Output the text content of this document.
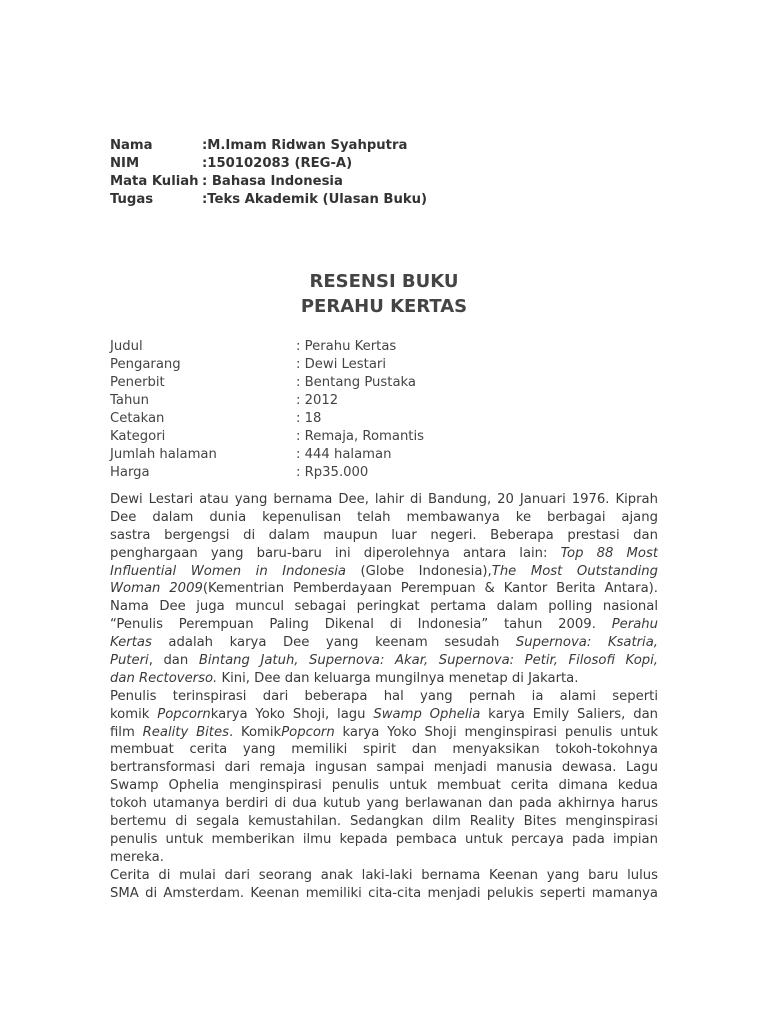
Nama	:M.Imam Ridwan Syahputra
NIM	:150102083 (REG-A)
Mata Kuliah : Bahasa Indonesia
Tugas	:Teks Akademik (Ulasan Buku)
RESENSI BUKU
PERAHU KERTAS
Judul	: Perahu Kertas
Pengarang	: Dewi Lestari
Penerbit	: Bentang Pustaka
Tahun	: 2012
Cetakan	: 18
Kategori	: Remaja, Romantis
Jumlah halaman	: 444 halaman
Harga	: Rp35.000
Dewi Lestari atau yang bernama Dee, lahir di Bandung, 20 Januari 1976. Kiprah
Dee dalam dunia kepenulisan telah membawanya ke berbagai ajang
sastra bergengsi di dalam maupun luar negeri. Beberapa prestasi dan
penghargaan yang baru-baru ini diperolehnya antara lain: Top 88 Most
Influential Women in Indonesia (Globe Indonesia),The Most Outstanding
Woman 2009(Kementrian Pemberdayaan Perempuan & Kantor Berita Antara).
Nama Dee juga muncul sebagai peringkat pertama dalam polling nasional
“Penulis Perempuan Paling Dikenal di Indonesia” tahun 2009. Perahu
Kertas adalah karya Dee yang keenam sesudah Supernova: Ksatria,
Puteri, dan Bintang Jatuh, Supernova: Akar, Supernova: Petir, Filosofi Kopi,
dan Rectoverso. Kini, Dee dan keluarga mungilnya menetap di Jakarta.
Penulis terinspirasi dari beberapa hal yang pernah ia alami seperti
komik Popcornkarya Yoko Shoji, lagu Swamp Ophelia karya Emily Saliers, dan
film Reality Bites. KomikPopcorn karya Yoko Shoji menginspirasi penulis untuk
membuat cerita yang memiliki spirit dan menyaksikan tokoh-tokohnya
bertransformasi dari remaja ingusan sampai menjadi manusia dewasa. Lagu
Swamp Ophelia menginspirasi penulis untuk membuat cerita dimana kedua
tokoh utamanya berdiri di dua kutub yang berlawanan dan pada akhirnya harus
bertemu di segala kemustahilan. Sedangkan dilm Reality Bites menginspirasi
penulis untuk memberikan ilmu kepada pembaca untuk percaya pada impian
mereka.
Cerita di mulai dari seorang anak laki-laki bernama Keenan yang baru lulus
SMA di Amsterdam. Keenan memiliki cita-cita menjadi pelukis seperti mamanya
